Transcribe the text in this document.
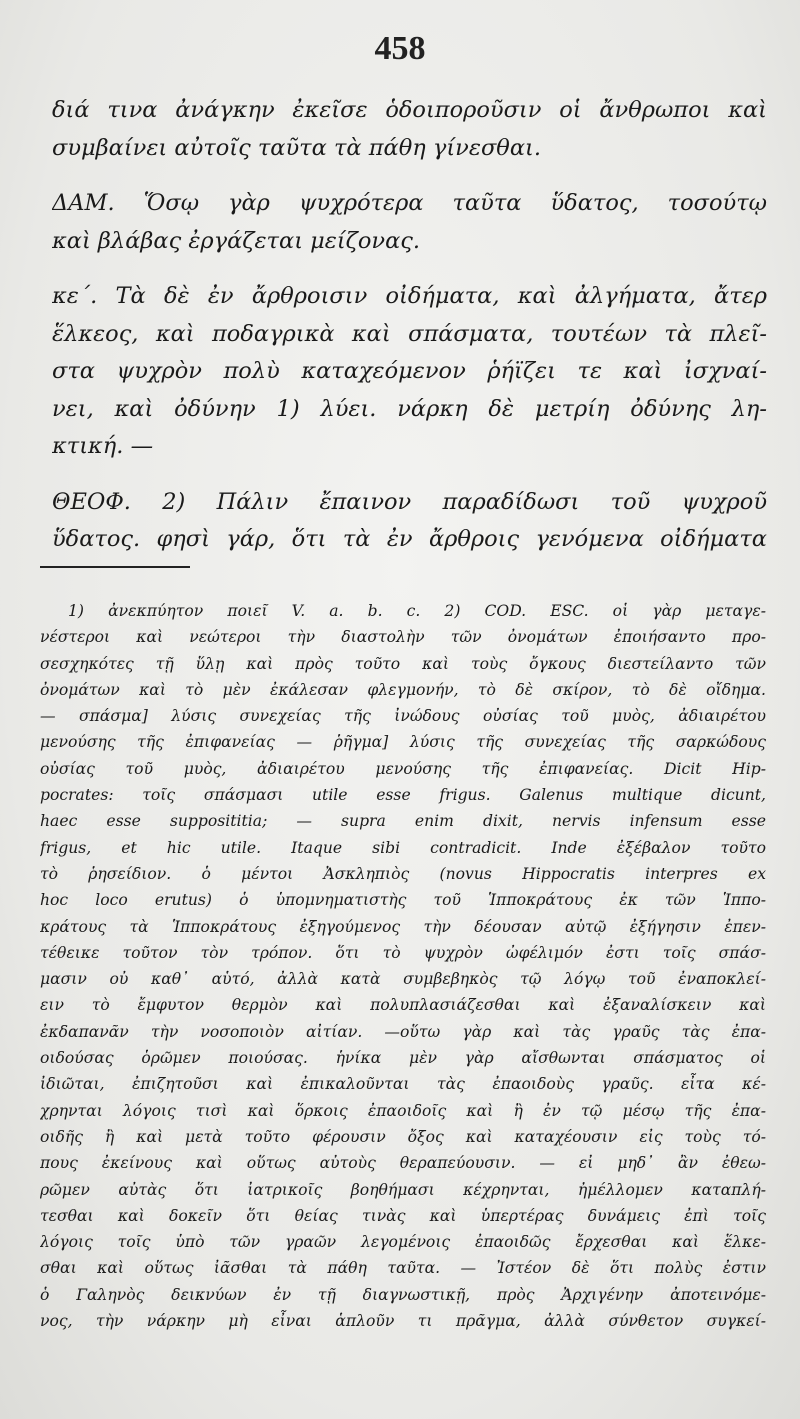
458
διά τινα ἀνάγκην ἐκεῖσε ὁδοιποροῦσιν οἱ ἄνθρωποι καὶ
συμβαίνει αὐτοῖς ταῦτα τὰ πάθη γίνεσθαι.
ΔΑΜ. Ὅσῳ γὰρ ψυχρότερα ταῦτα ὕδατος, τοσούτῳ
καὶ βλάβας ἐργάζεται μείζονας.
κε΄. Τὰ δὲ ἐν ἄρθροισιν οἰδήματα, καὶ ἀλγήματα, ἄτερ
ἕλκεος, καὶ ποδαγρικὰ καὶ σπάσματα, τουτέων τὰ πλεῖ-
στα ψυχρὸν πολὺ καταχεόμενον ῥήϊζει τε καὶ ἰσχναί-
νει, καὶ ὀδύνην 1) λύει. νάρκη δὲ μετρίη ὀδύνης λη-
κτική. —
ΘΕΟΦ. 2) Πάλιν ἔπαινον παραδίδωσι τοῦ ψυχροῦ
ὕδατος. φησὶ γάρ, ὅτι τὰ ἐν ἄρθροις γενόμενα οἰδήματα
1) ἀνεκπύητον ποιεῖ V. a. b. c. 2) COD. ESC. οἱ γὰρ μεταγε-
νέστεροι καὶ νεώτεροι τὴν διαστολὴν τῶν ὀνομάτων ἐποιήσαντο προ-
σεσχηκότες τῇ ὕλῃ καὶ πρὸς τοῦτο καὶ τοὺς ὄγκους διεστείλαντο τῶν
ὀνομάτων καὶ τὸ μὲν ἐκάλεσαν φλεγμονήν, τὸ δὲ σκίρον, τὸ δὲ οἴδημα.
— σπάσμα] λύσις συνεχείας τῆς ἰνώδους οὐσίας τοῦ μυὸς, ἀδιαιρέτου
μενούσης τῆς ἐπιφανείας — ῥῆγμα] λύσις τῆς συνεχείας τῆς σαρκώδους
οὐσίας τοῦ μυὸς, ἀδιαιρέτου μενούσης τῆς ἐπιφανείας. Dicit Hip-
pocrates: τοῖς σπάσμασι utile esse frigus. Galenus multique dicunt,
haec esse supposititia; — supra enim dixit, nervis infensum esse
frigus, et hic utile. Itaque sibi contradicit. Inde ἐξέβαλον τοῦτο
τὸ ῥησείδιον. ὁ μέντοι Ἀσκληπιὸς (novus Hippocratis interpres ex
hoc loco erutus) ὁ ὑπομνηματιστὴς τοῦ Ἱπποκράτους ἐκ τῶν Ἱππο-
κράτους τὰ Ἱπποκράτους ἐξηγούμενος τὴν δέουσαν αὐτῷ ἐξήγησιν ἐπεν-
τέθεικε τοῦτον τὸν τρόπον. ὅτι τὸ ψυχρὸν ὠφέλιμόν ἐστι τοῖς σπάσ-
μασιν οὐ καθ᾽ αὑτό, ἀλλὰ κατὰ συμβεβηκὸς τῷ λόγῳ τοῦ ἐναποκλεί-
ειν τὸ ἔμφυτον θερμὸν καὶ πολυπλασιάζεσθαι καὶ ἐξαναλίσκειν καὶ
ἐκδαπανᾶν τὴν νοσοποιὸν αἰτίαν. —οὕτω γὰρ καὶ τὰς γραῦς τὰς ἐπα-
οιδούσας ὁρῶμεν ποιούσας. ἡνίκα μὲν γὰρ αἴσθωνται σπάσματος οἱ
ἰδιῶται, ἐπιζητοῦσι καὶ ἐπικαλοῦνται τὰς ἐπαοιδοὺς γραῦς. εἶτα κέ-
χρηνται λόγοις τισὶ καὶ ὅρκοις ἐπαοιδοῖς καὶ ἢ ἐν τῷ μέσῳ τῆς ἐπα-
οιδῆς ἢ καὶ μετὰ τοῦτο φέρουσιν ὄξος καὶ καταχέουσιν εἰς τοὺς τό-
πους ἐκείνους καὶ οὕτως αὐτοὺς θεραπεύουσιν. — εἰ μηδ᾽ ἂν ἐθεω-
ρῶμεν αὐτὰς ὅτι ἰατρικοῖς βοηθήμασι κέχρηνται, ἠμέλλομεν καταπλή-
τεσθαι καὶ δοκεῖν ὅτι θείας τινὰς καὶ ὑπερτέρας δυνάμεις ἐπὶ τοῖς
λόγοις τοῖς ὑπὸ τῶν γραῶν λεγομένοις ἐπαοιδῶς ἔρχεσθαι καὶ ἕλκε-
σθαι καὶ οὕτως ἰᾶσθαι τὰ πάθη ταῦτα. — Ἰστέον δὲ ὅτι πολὺς ἐστιν
ὁ Γαληνὸς δεικνύων ἐν τῇ διαγνωστικῇ, πρὸς Ἀρχιγένην ἀποτεινόμε-
νος, τὴν νάρκην μὴ εἶναι ἁπλοῦν τι πρᾶγμα, ἀλλὰ σύνθετον συγκεί-
